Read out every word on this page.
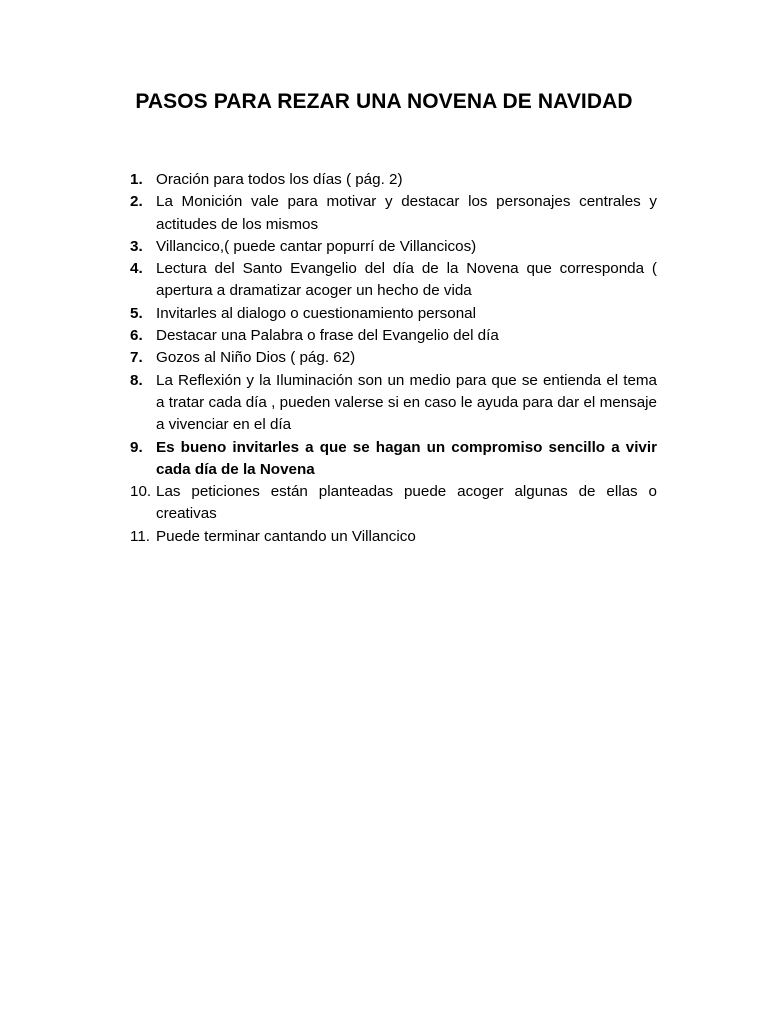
PASOS PARA REZAR UNA NOVENA DE NAVIDAD
1. Oración para todos los días ( pág. 2)
2. La Monición vale para motivar y destacar los personajes centrales y actitudes de los mismos
3. Villancico,( puede cantar popurrí de Villancicos)
4. Lectura del Santo Evangelio del día de la Novena que corresponda ( apertura a dramatizar acoger un hecho de vida
5. Invitarles al dialogo o cuestionamiento personal
6. Destacar una Palabra o frase del Evangelio del día
7. Gozos al Niño Dios ( pág. 62)
8. La Reflexión y la Iluminación son un medio para que se entienda el tema a tratar cada día , pueden valerse si en caso le ayuda para dar el mensaje a vivenciar en el día
9. Es bueno invitarles a que se hagan un compromiso sencillo a vivir cada día de la Novena
10. Las peticiones están planteadas puede acoger algunas de ellas o creativas
11. Puede terminar cantando un Villancico
